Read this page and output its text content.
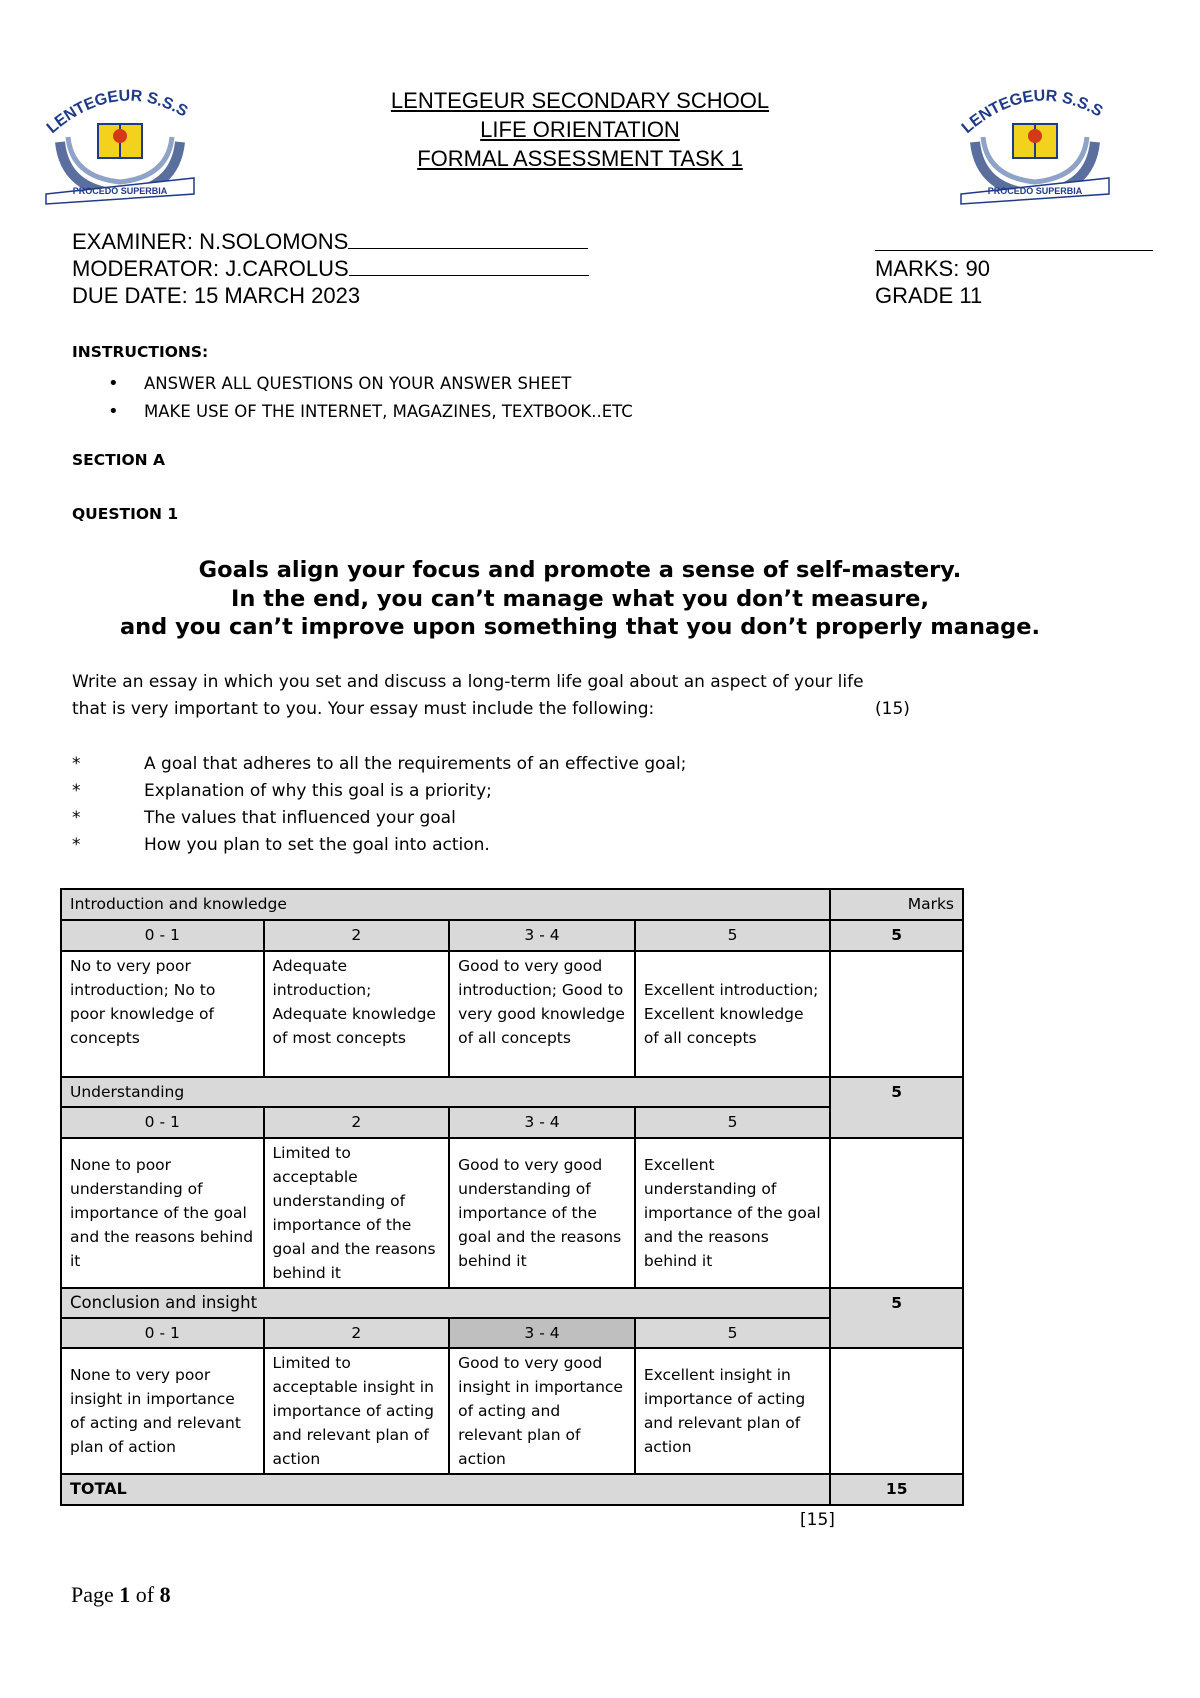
PROCEDO SUPERBIA
LENTEGEUR S.S.S
PROCEDO SUPERBIA
LENTEGEUR S.S.S
LENTEGEUR SECONDARY SCHOOL
LIFE ORIENTATION
FORMAL ASSESSMENT TASK 1
EXAMINER: N.SOLOMONS
MODERATOR: J.CAROLUS
DUE DATE: 15 MARCH 2023
MARKS: 90
GRADE 11
INSTRUCTIONS:
• ANSWER ALL QUESTIONS ON YOUR ANSWER SHEET
• MAKE USE OF THE INTERNET, MAGAZINES, TEXTBOOK..ETC
SECTION A
QUESTION 1
Goals align your focus and promote a sense of self-mastery.
In the end, you can’t manage what you don’t measure,
and you can’t improve upon something that you don’t properly manage.
Write an essay in which you set and discuss a long-term life goal about an aspect of your life
that is very important to you. Your essay must include the following:	(15)
*	A goal that adheres to all the requirements of an effective goal;
*	Explanation of why this goal is a priority;
*	The values that influenced your goal
*	How you plan to set the goal into action.
Introduction and knowledge				Marks
0 - 1	2	3 - 4	5	5
No to very poor introduction; No to poor knowledge of concepts	Adequate introduction; Adequate knowledge of most concepts	Good to very good introduction; Good to very good knowledge of all concepts	Excellent introduction; Excellent knowledge of all concepts	
Understanding				5
0 - 1	2	3 - 4	5	
None to poor understanding of importance of the goal and the reasons behind it	Limited to acceptable understanding of importance of the goal and the reasons behind it	Good to very good understanding of importance of the goal and the reasons behind it	Excellent understanding of importance of the goal and the reasons behind it	
Conclusion and insight				5
0 - 1	2	3 - 4	5	
None to very poor insight in importance of acting and relevant plan of action	Limited to acceptable insight in importance of acting and relevant plan of action	Good to very good insight in importance of acting and relevant plan of action	Excellent insight in importance of acting and relevant plan of action	
TOTAL				15
[15]
Page 1 of 8
